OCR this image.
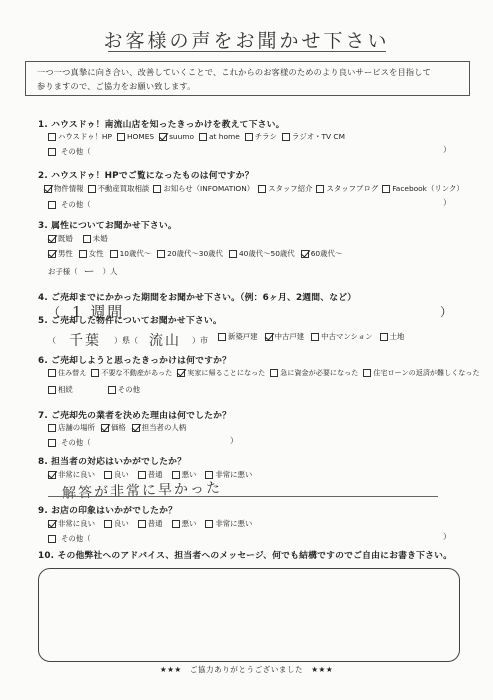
お客様の声をお聞かせ下さい
一つ一つ真摯に向き合い、改善していくことで、これからのお客様のためのより良いサービスを目指して
参りますので、ご協力をお願い致します。
1. ハウスドゥ！南流山店を知ったきっかけを教えて下さい。
ハウスドゥ！HP HOMES suumo at home チラシ ラジオ・TV CM
その他（	）
2. ハウスドゥ！HPでご覧になったものは何ですか？
物件情報 不動産買取相談 お知らせ（INFOMATION） スタッフ紹介 スタッフブログ Facebook（リンク）
その他（	）
3. 属性についてお聞かせ下さい。
既婚	未婚
男性 女性 10歳代～ 20歳代～30歳代 40歳代～50歳代 60歳代～
お子様（ ー ）人
4. ご売却までにかかった期間をお聞かせ下さい。（例：6ヶ月、2週間、など）
（ 1 週間	）
5. ご売却した物件についてお聞かせ下さい。
（ 千葉	）県（ 流山	）市	新築戸建 中古戸建 中古マンション 土地
6. ご売却しようと思ったきっかけは何ですか？
住み替え 不要な不動産があった 実家に帰ることになった 急に資金が必要になった 住宅ローンの返済が難しくなった
相続	その他
7. ご売却先の業者を決めた理由は何でしたか？
店舗の場所 価格 担当者の人柄
その他（	）
8. 担当者の対応はいかがでしたか？
非常に良い	良い	普通	悪い	非常に悪い
解答が非常に早かった
9. お店の印象はいかがでしたか？
非常に良い	良い	普通	悪い	非常に悪い
その他（	）
10. その他弊社へのアドバイス、担当者へのメッセージ、何でも結構ですのでご自由にお書き下さい。
★★★　ご協力ありがとうございました　★★★
